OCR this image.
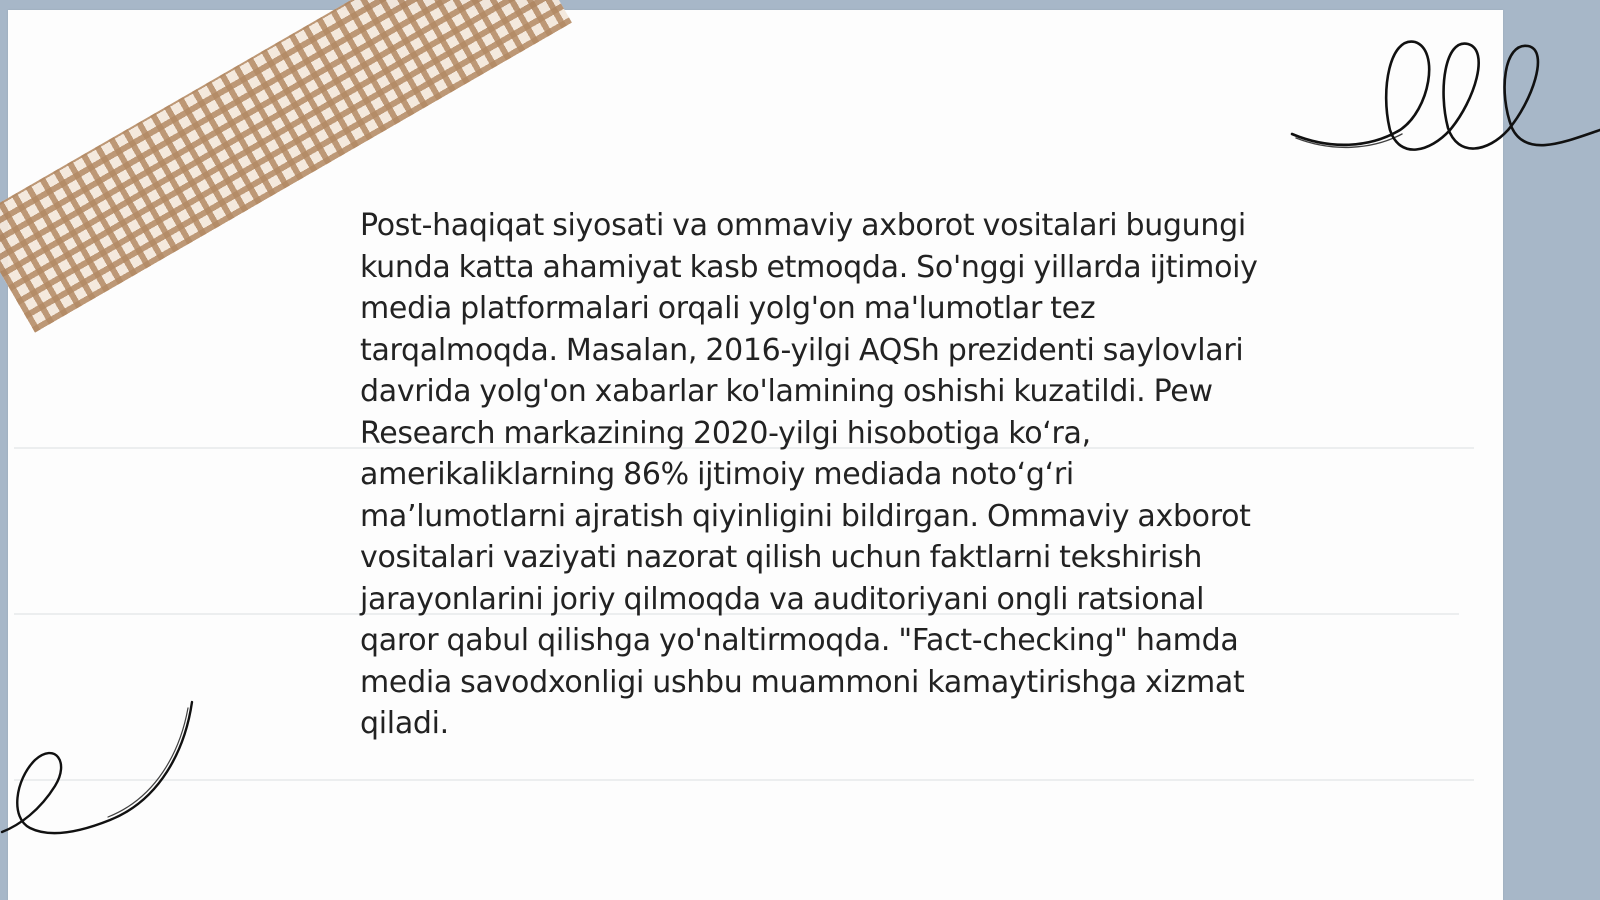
Post-haqiqat siyosati va ommaviy axborot vositalari bugungi kunda katta ahamiyat kasb etmoqda. So'nggi yillarda ijtimoiy media platformalari orqali yolg'on ma'lumotlar tez tarqalmoqda. Masalan, 2016-yilgi AQSh prezidenti saylovlari davrida yolg'on xabarlar ko'lamining oshishi kuzatildi. Pew Research markazining 2020-yilgi hisobotiga koʻra, amerikaliklarning 86% ijtimoiy mediada notoʻgʻri maʼlumotlarni ajratish qiyinligini bildirgan. Ommaviy axborot vositalari vaziyati nazorat qilish uchun faktlarni tekshirish jarayonlarini joriy qilmoqda va auditoriyani ongli ratsional qaror qabul qilishga yo'naltirmoqda. "Fact-checking" hamda media savodxonligi ushbu muammoni kamaytirishga xizmat qiladi.
